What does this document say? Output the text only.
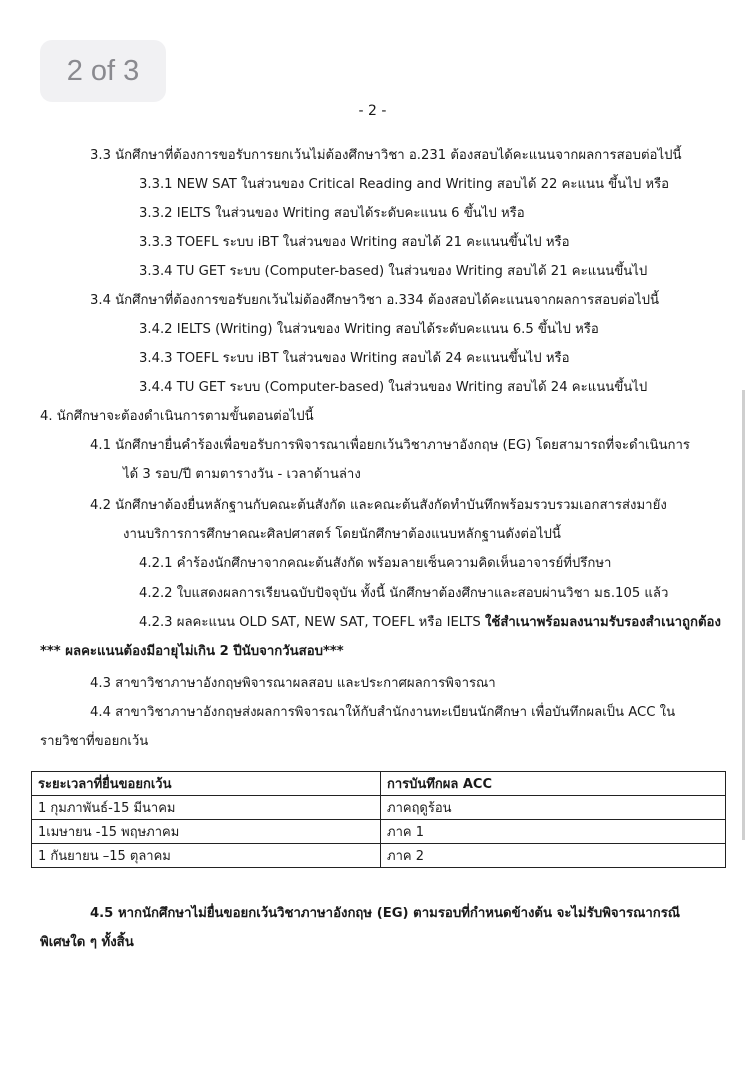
2 of 3
- 2 -
3.3 นักศึกษาที่ต้องการขอรับการยกเว้นไม่ต้องศึกษาวิชา อ.231 ต้องสอบได้คะแนนจากผลการสอบต่อไปนี้
3.3.1 NEW SAT ในส่วนของ Critical Reading and Writing สอบได้ 22 คะแนน ขึ้นไป หรือ
3.3.2 IELTS ในส่วนของ Writing สอบได้ระดับคะแนน 6 ขึ้นไป หรือ
3.3.3 TOEFL ระบบ iBT ในส่วนของ Writing สอบได้ 21 คะแนนขึ้นไป หรือ
3.3.4 TU GET ระบบ (Computer-based) ในส่วนของ Writing สอบได้ 21 คะแนนขึ้นไป
3.4 นักศึกษาที่ต้องการขอรับยกเว้นไม่ต้องศึกษาวิชา อ.334 ต้องสอบได้คะแนนจากผลการสอบต่อไปนี้
3.4.2 IELTS (Writing) ในส่วนของ Writing สอบได้ระดับคะแนน 6.5 ขึ้นไป หรือ
3.4.3 TOEFL ระบบ iBT ในส่วนของ Writing สอบได้ 24 คะแนนขึ้นไป หรือ
3.4.4 TU GET ระบบ (Computer-based) ในส่วนของ Writing สอบได้ 24 คะแนนขึ้นไป
4. นักศึกษาจะต้องดำเนินการตามขั้นตอนต่อไปนี้
4.1 นักศึกษายื่นคำร้องเพื่อขอรับการพิจารณาเพื่อยกเว้นวิชาภาษาอังกฤษ (EG) โดยสามารถที่จะดำเนินการ
ได้ 3 รอบ/ปี ตามตารางวัน - เวลาด้านล่าง
4.2 นักศึกษาต้องยื่นหลักฐานกับคณะต้นสังกัด และคณะต้นสังกัดทำบันทึกพร้อมรวบรวมเอกสารส่งมายัง
งานบริการการศึกษาคณะศิลปศาสตร์ โดยนักศึกษาต้องแนบหลักฐานดังต่อไปนี้
4.2.1 คำร้องนักศึกษาจากคณะต้นสังกัด พร้อมลายเซ็นความคิดเห็นอาจารย์ที่ปรึกษา
4.2.2 ใบแสดงผลการเรียนฉบับปัจจุบัน ทั้งนี้ นักศึกษาต้องศึกษาและสอบผ่านวิชา มธ.105 แล้ว
4.2.3 ผลคะแนน OLD SAT, NEW SAT, TOEFL หรือ IELTS ใช้สำเนาพร้อมลงนามรับรองสำเนาถูกต้อง
*** ผลคะแนนต้องมีอายุไม่เกิน 2 ปีนับจากวันสอบ***
4.3 สาขาวิชาภาษาอังกฤษพิจารณาผลสอบ และประกาศผลการพิจารณา
4.4 สาขาวิชาภาษาอังกฤษส่งผลการพิจารณาให้กับสำนักงานทะเบียนนักศึกษา เพื่อบันทึกผลเป็น ACC ใน
รายวิชาที่ขอยกเว้น
ระยะเวลาที่ยื่นขอยกเว้น	การบันทึกผล ACC
1 กุมภาพันธ์-15 มีนาคม	ภาคฤดูร้อน
1เมษายน -15 พฤษภาคม	ภาค 1
1 กันยายน –15 ตุลาคม	ภาค 2
4.5 หากนักศึกษาไม่ยื่นขอยกเว้นวิชาภาษาอังกฤษ (EG) ตามรอบที่กำหนดข้างต้น จะไม่รับพิจารณากรณี
พิเศษใด ๆ ทั้งสิ้น
